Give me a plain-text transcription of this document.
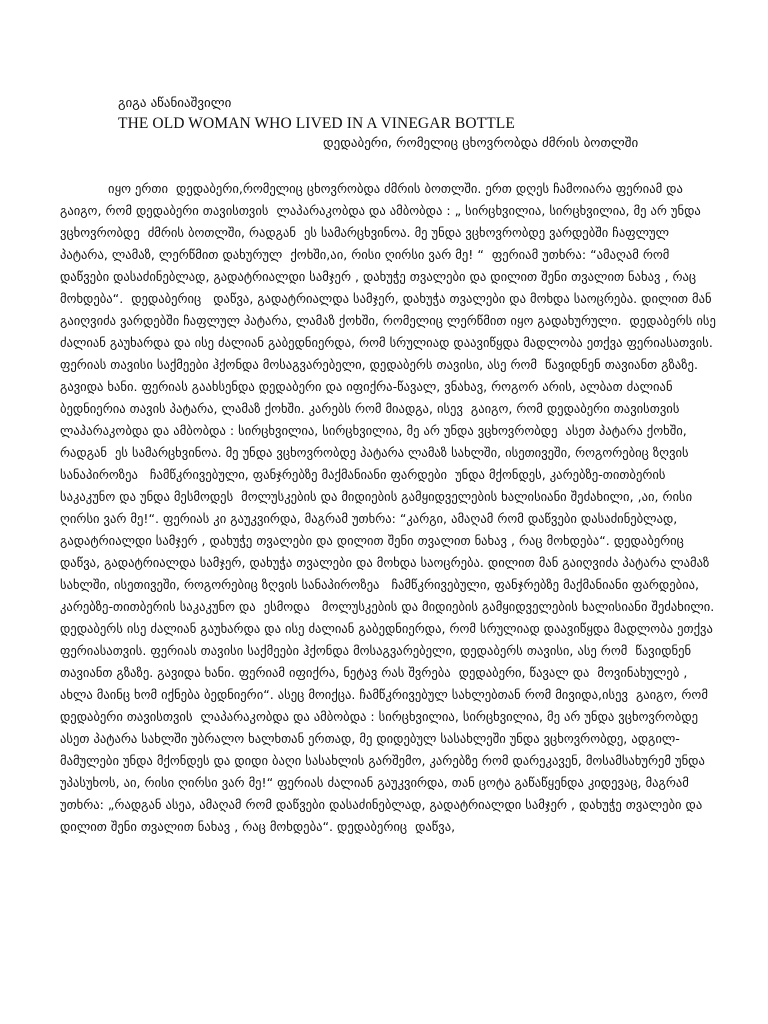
გიგა აწანიაშვილი
THE OLD WOMAN WHO LIVED IN A VINEGAR BOTTLE
დედაბერი, რომელიც ცხოვრობდა ძმრის ბოთლში
იყო ერთი  დედაბერი,რომელიც ცხოვრობდა ძმრის ბოთლში. ერთ დღეს ჩამოიარა ფერიამ და გაიგო, რომ დედაბერი თავისთვის  ლაპარაკობდა და ამბობდა : „ სირცხვილია, სირცხვილია, მე არ უნდა ვცხოვრობდე  ძმრის ბოთლში, რადგან  ეს სამარცხვინოა. მე უნდა ვცხოვრობდე ვარდებში ჩაფლულ  პატარა, ლამაზ, ლერწმით დახურულ  ქოხში,აი, რისი ღირსი ვარ მე! “  ფერიამ უთხრა: “ამაღამ რომ დაწვები დასაძინებლად, გადატრიალდი სამჯერ , დახუჭე თვალები და დილით შენი თვალით ნახავ , რაც მოხდება“.  დედაბერიც   დაწვა, გადატრიალდა სამჯერ, დახუჭა თვალები და მოხდა საოცრება. დილით მან გაიღვიძა ვარდებში ჩაფლულ პატარა, ლამაზ ქოხში, რომელიც ლერწმით იყო გადახურული.  დედაბერს ისე ძალიან გაუხარდა და ისე ძალიან გაბედნიერდა, რომ სრულიად დაავიწყდა მადლობა ეთქვა ფერიასათვის. ფერიას თავისი საქმეები ჰქონდა მოსაგვარებელი, დედაბერს თავისი, ასე რომ  წავიდნენ თავიანთ გზაზე. გავიდა ხანი. ფერიას გაახსენდა დედაბერი და იფიქრა-წავალ, ვნახავ, როგორ არის, ალბათ ძალიან ბედნიერია თავის პატარა, ლამაზ ქოხში. კარებს რომ მიადგა, ისევ  გაიგო, რომ დედაბერი თავისთვის  ლაპარაკობდა და ამბობდა : სირცხვილია, სირცხვილია, მე არ უნდა ვცხოვრობდე  ასეთ პატარა ქოხში, რადგან  ეს სამარცხვინოა. მე უნდა ვცხოვრობდე პატარა ლამაზ სახლში, ისეთივეში, როგორებიც ზღვის სანაპიროზეა   ჩამწკრივებული, ფანჯრებზე მაქმანიანი ფარდები  უნდა მქონდეს, კარებზე-თითბერის საკაკუნო და უნდა მესმოდეს  მოლუსკების და მიდიების გამყიდველების ხალისიანი შეძახილი, ,აი, რისი ღირსი ვარ მე!“. ფერიას კი გაუკვირდა, მაგრამ უთხრა: “კარგი, ამაღამ რომ დაწვები დასაძინებლად, გადატრიალდი სამჯერ , დახუჭე თვალები და დილით შენი თვალით ნახავ , რაც მოხდება“. დედაბერიც  დაწვა, გადატრიალდა სამჯერ, დახუჭა თვალები და მოხდა საოცრება. დილით მან გაიღვიძა პატარა ლამაზ სახლში, ისეთივეში, როგორებიც ზღვის სანაპიროზეა   ჩამწკრივებული, ფანჯრებზე მაქმანიანი ფარდებია, კარებზე-თითბერის საკაკუნო და  ესმოდა   მოლუსკების და მიდიების გამყიდველების ხალისიანი შეძახილი. დედაბერს ისე ძალიან გაუხარდა და ისე ძალიან გაბედნიერდა, რომ სრულიად დაავიწყდა მადლობა ეთქვა ფერიასათვის. ფერიას თავისი საქმეები ჰქონდა მოსაგვარებელი, დედაბერს თავისი, ასე რომ  წავიდნენ თავიანთ გზაზე. გავიდა ხანი. ფერიამ იფიქრა, ნეტავ რას შვრება  დედაბერი, წავალ და  მოვინახულებ , ახლა მაინც ხომ იქნება ბედნიერი“. ასეც მოიქცა. ჩამწკრივებულ სახლებთან რომ მივიდა,ისევ  გაიგო, რომ დედაბერი თავისთვის  ლაპარაკობდა და ამბობდა : სირცხვილია, სირცხვილია, მე არ უნდა ვცხოვრობდე  ასეთ პატარა სახლში უბრალო ხალხთან ერთად, მე დიდებულ სასახლეში უნდა ვცხოვრობდე, ადგილ-მამულები უნდა მქონდეს და დიდი ბაღი სასახლის გარშემო, კარებზე რომ დარეკავენ, მოსამსახურემ უნდა უპასუხოს, აი, რისი ღირსი ვარ მე!“ ფერიას ძალიან გაუკვირდა, თან ცოტა გაწაწყენდა კიდევაც, მაგრამ უთხრა: „რადგან ასეა, ამაღამ რომ დაწვები დასაძინებლად, გადატრიალდი სამჯერ , დახუჭე თვალები და დილით შენი თვალით ნახავ , რაც მოხდება“. დედაბერიც  დაწვა,
